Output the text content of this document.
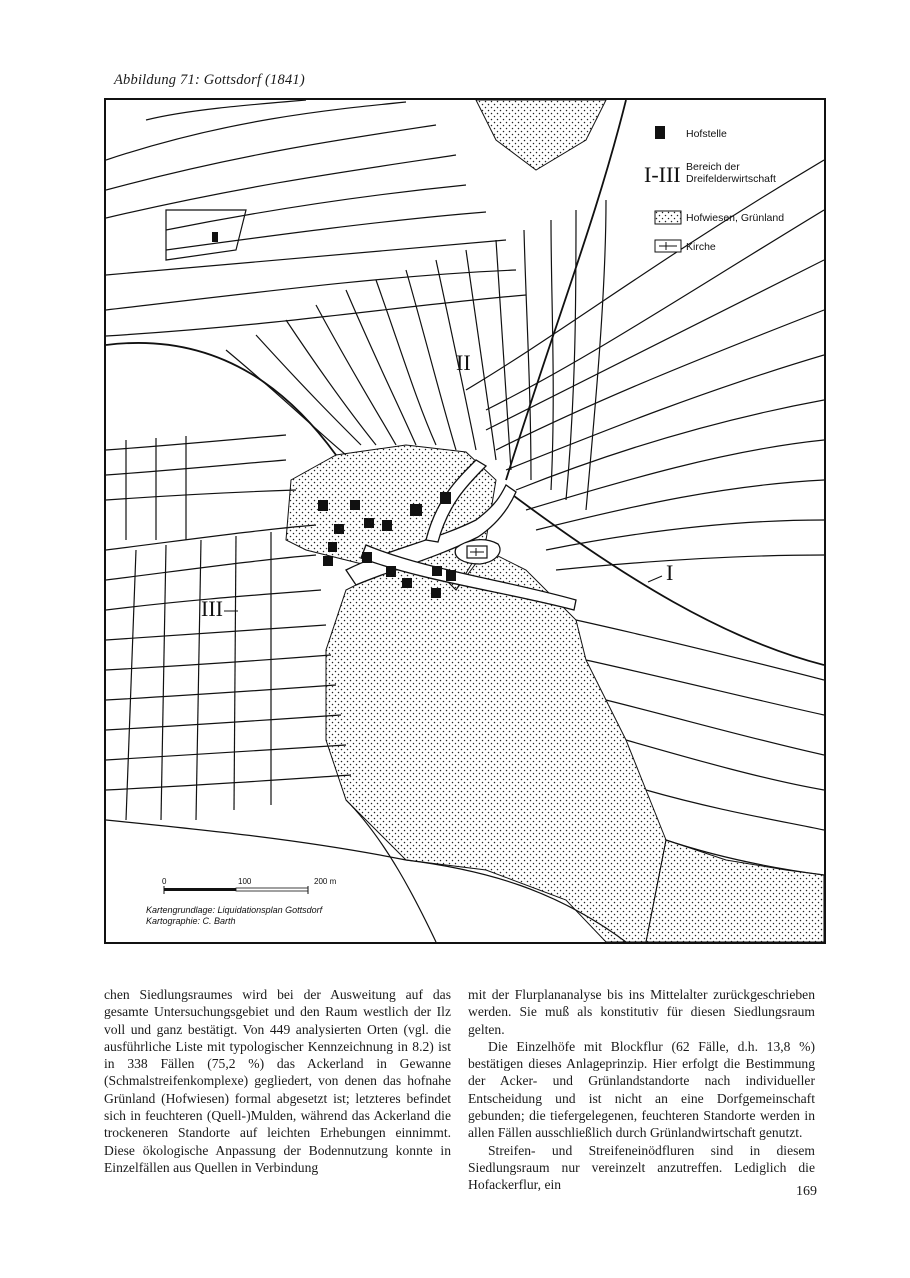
Abbildung 71: Gottsdorf (1841)
II
I
III
Hofstelle
I-III Bereich der
Dreifelderwirtschaft
Hofwiesen, Grünland
Kirche
0	100	200 m
Kartengrundlage: Liquidationsplan Gottsdorf
Kartographie: C. Barth

chen Siedlungsraumes wird bei der Ausweitung auf das gesamte Untersuchungsgebiet und den Raum westlich der Ilz voll und ganz bestätigt. Von 449 analysierten Orten (vgl. die ausführliche Liste mit typologischer Kennzeichnung in 8.2) ist in 338 Fällen (75,2 %) das Ackerland in Gewanne (Schmalstreifenkomplexe) gegliedert, von denen das hofnahe Grünland (Hofwiesen) formal abgesetzt ist; letzteres befindet sich in feuchteren (Quell-)Mulden, während das Ackerland die trockeneren Standorte auf leichten Erhebungen einnimmt. Diese ökologische Anpassung der Bodennutzung konnte in Einzelfällen aus Quellen in Verbindung

mit der Flurplananalyse bis ins Mittelalter zurückgeschrieben werden. Sie muß als konstitutiv für diesen Siedlungsraum gelten.

Die Einzelhöfe mit Blockflur (62 Fälle, d.h. 13,8 %) bestätigen dieses Anlageprinzip. Hier erfolgt die Bestimmung der Acker- und Grünlandstandorte nach individueller Entscheidung und ist nicht an eine Dorfgemeinschaft gebunden; die tiefergelegenen, feuchteren Standorte werden in allen Fällen ausschließlich durch Grünlandwirtschaft genutzt.

Streifen- und Streifeneinödfluren sind in diesem Siedlungsraum nur vereinzelt anzutreffen. Lediglich die Hofackerflur, ein	169
